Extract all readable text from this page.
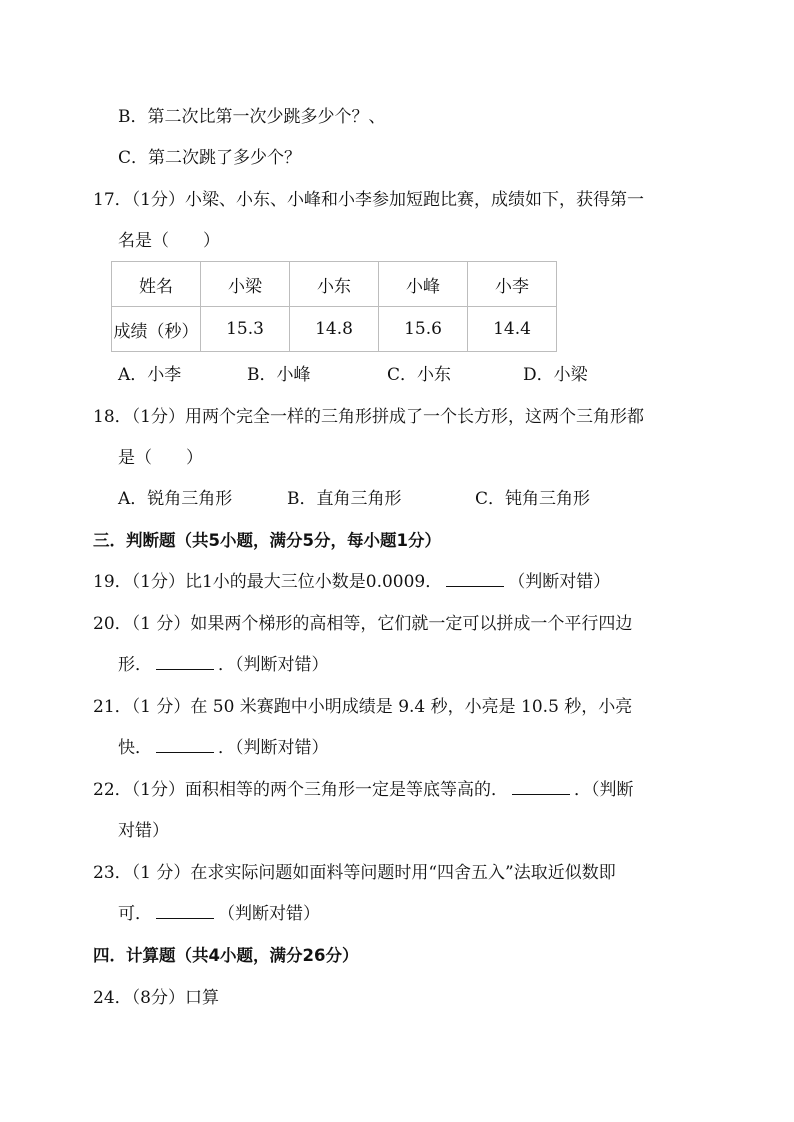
B．第二次比第一次少跳多少个？、
C．第二次跳了多少个？
17．（1分）小梁、小东、小峰和小李参加短跑比赛，成绩如下，获得第一
名是（　　）
姓名	小梁	小东	小峰	小李
成绩（秒）	15.3	14.8	15.6	14.4
A．小李	B．小峰	C．小东	D．小梁
18．（1分）用两个完全一样的三角形拼成了一个长方形，这两个三角形都
是（　　）
A．锐角三角形	B．直角三角形	C．钝角三角形
三．判断题（共5小题，满分5分，每小题1分）
19．（1分）比1小的最大三位小数是0.0009．	（判断对错）
20．（1 分）如果两个梯形的高相等，它们就一定可以拼成一个平行四边
形．	．（判断对错）
21．（1 分）在 50 米赛跑中小明成绩是 9.4 秒，小亮是 10.5 秒，小亮
快．	．（判断对错）
22．（1分）面积相等的两个三角形一定是等底等高的．	．（判断
对错）
23．（1 分）在求实际问题如面料等问题时用“四舍五入”法取近似数即
可．	（判断对错）
四．计算题（共4小题，满分26分）
24．（8分）口算
